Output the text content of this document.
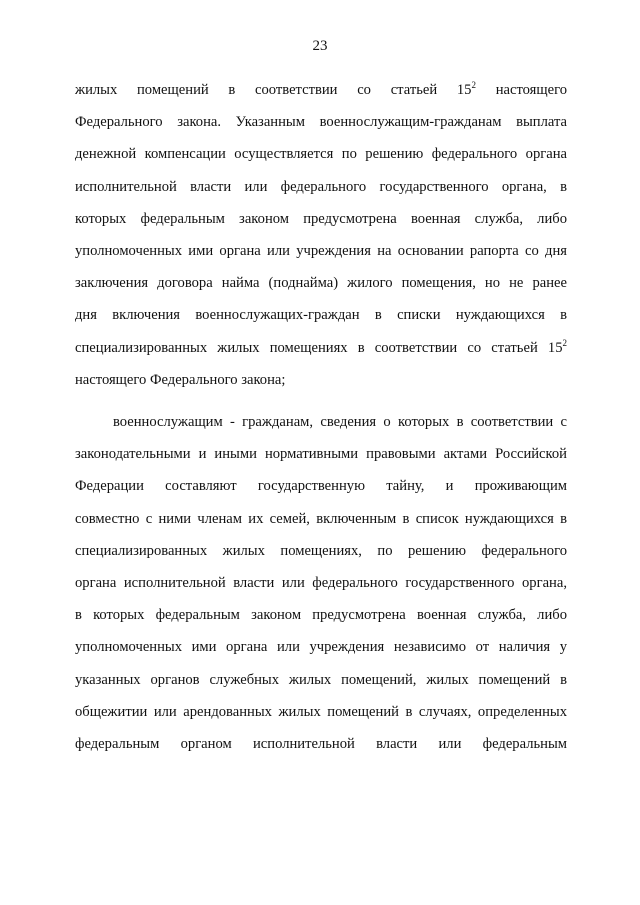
23

жилых помещений в соответствии со статьей $15^2$ настоящего
Федерального закона. Указанным военнослужащим-гражданам выплата
денежной компенсации осуществляется по решению федерального органа
исполнительной власти или федерального государственного органа, в
которых федеральным законом предусмотрена военная служба, либо
уполномоченных ими органа или учреждения на основании рапорта со дня
заключения договора найма (поднайма) жилого помещения, но не ранее
дня включения военнослужащих-граждан в списки нуждающихся в
специализированных жилых помещениях в соответствии со статьей $15^2$
настоящего Федерального закона;

военнослужащим - гражданам, сведения о которых в соответствии с
законодательными и иными нормативными правовыми актами Российской
Федерации составляют государственную тайну, и проживающим
совместно с ними членам их семей, включенным в список нуждающихся в
специализированных жилых помещениях, по решению федерального
органа исполнительной власти или федерального государственного органа,
в которых федеральным законом предусмотрена военная служба, либо
уполномоченных ими органа или учреждения независимо от наличия у
указанных органов служебных жилых помещений, жилых помещений в
общежитии или арендованных жилых помещений в случаях, определенных
федеральным органом исполнительной власти или федеральным
